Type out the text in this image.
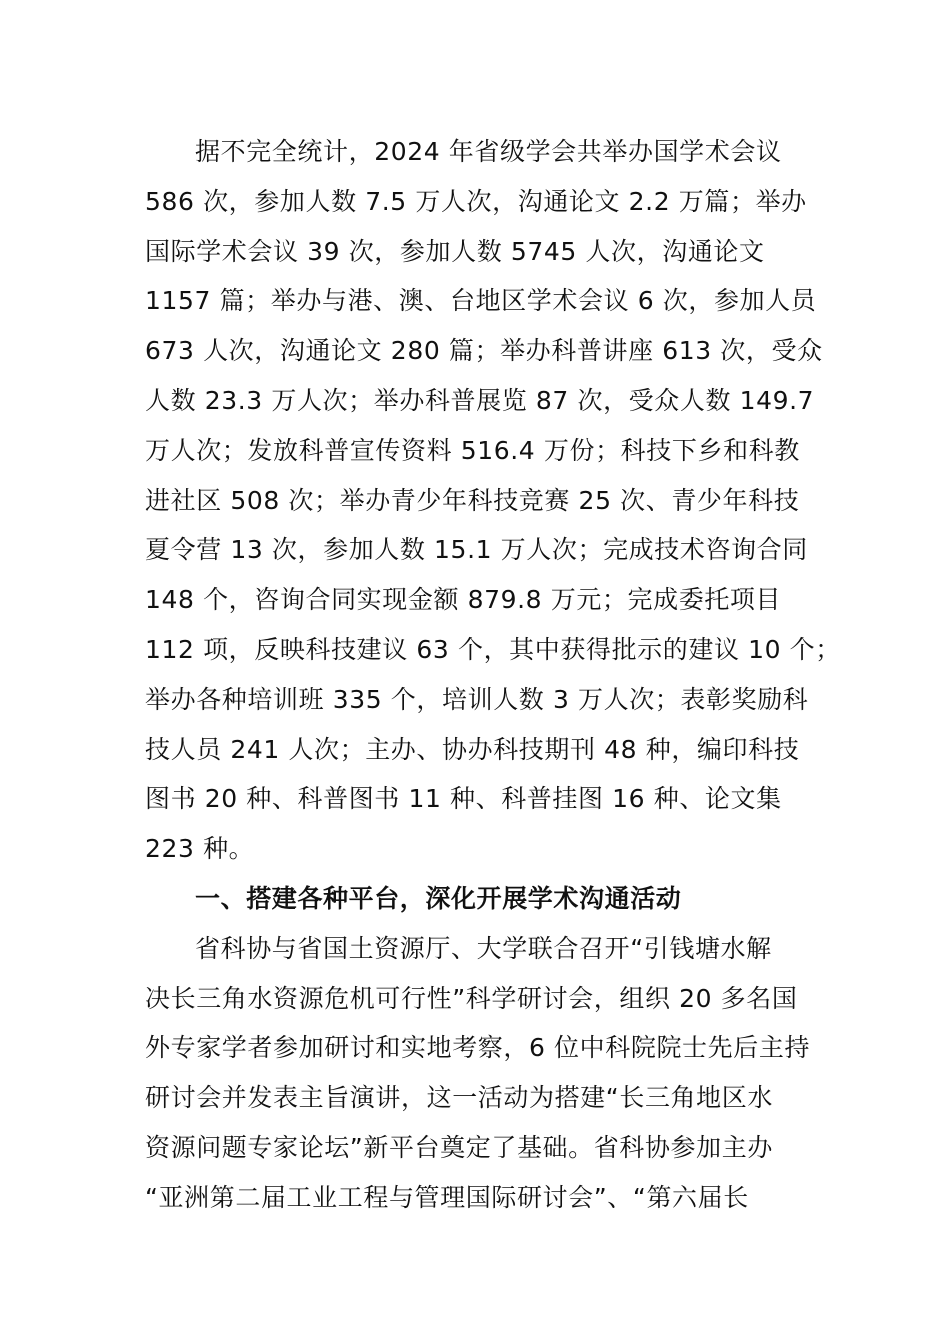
据不完全统计，2024 年省级学会共举办国学术会议
586 次，参加人数 7.5 万人次，沟通论文 2.2 万篇；举办
国际学术会议 39 次，参加人数 5745 人次，沟通论文
1157 篇；举办与港、澳、台地区学术会议 6 次，参加人员
673 人次，沟通论文 280 篇；举办科普讲座 613 次，受众
人数 23.3 万人次；举办科普展览 87 次，受众人数 149.7
万人次；发放科普宣传资料 516.4 万份；科技下乡和科教
进社区 508 次；举办青少年科技竞赛 25 次、青少年科技
夏令营 13 次，参加人数 15.1 万人次；完成技术咨询合同
148 个，咨询合同实现金额 879.8 万元；完成委托项目
112 项，反映科技建议 63 个，其中获得批示的建议 10 个；
举办各种培训班 335 个，培训人数 3 万人次；表彰奖励科
技人员 241 人次；主办、协办科技期刊 48 种，编印科技
图书 20 种、科普图书 11 种、科普挂图 16 种、论文集
223 种。
一、搭建各种平台，深化开展学术沟通活动
省科协与省国土资源厅、大学联合召开“引钱塘水解
决长三角水资源危机可行性”科学研讨会，组织 20 多名国
外专家学者参加研讨和实地考察，6 位中科院院士先后主持
研讨会并发表主旨演讲，这一活动为搭建“长三角地区水
资源问题专家论坛”新平台奠定了基础。省科协参加主办
“亚洲第二届工业工程与管理国际研讨会”、“第六届长
